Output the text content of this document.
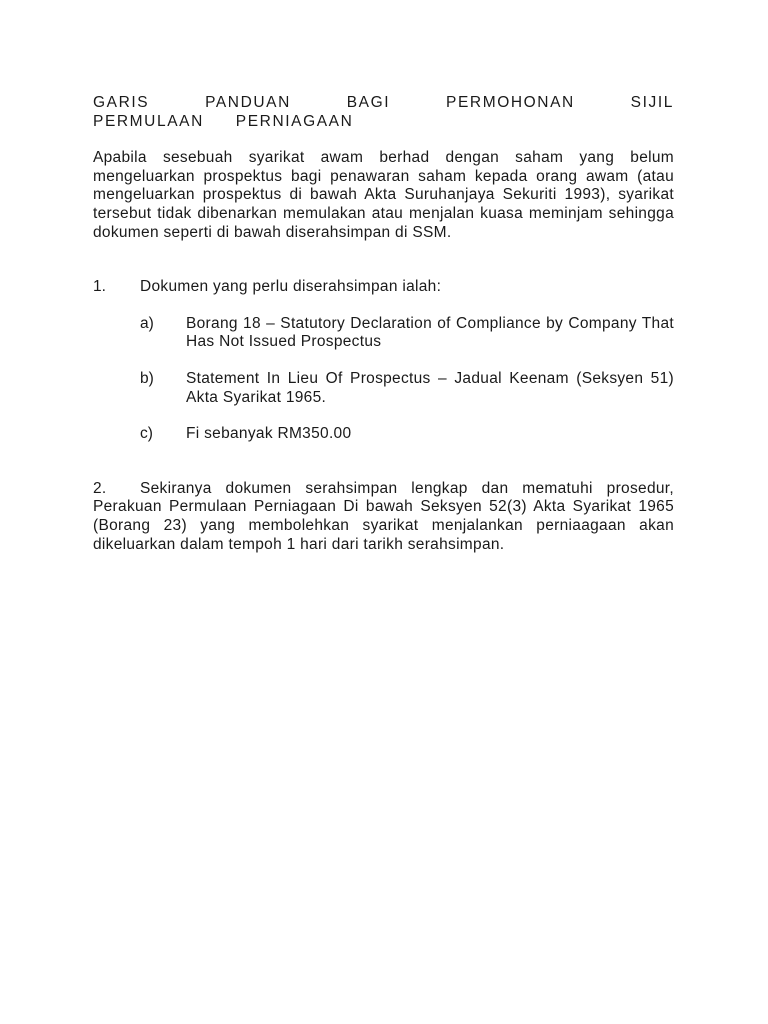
GARIS PANDUAN BAGI PERMOHONAN SIJIL PERMULAAN PERNIAGAAN

Apabila sesebuah syarikat awam berhad dengan saham yang belum mengeluarkan prospektus bagi penawaran saham kepada orang awam (atau mengeluarkan prospektus di bawah Akta Suruhanjaya Sekuriti 1993), syarikat tersebut tidak dibenarkan memulakan atau menjalan kuasa meminjam sehingga dokumen seperti di bawah diserahsimpan di SSM.

1.	Dokumen yang perlu diserahsimpan ialah:
a)	Borang 18 – Statutory Declaration of Compliance by Company That Has Not Issued Prospectus
b)	Statement In Lieu Of Prospectus – Jadual Keenam (Seksyen 51) Akta Syarikat 1965.
c)	Fi sebanyak RM350.00

2. Sekiranya dokumen serahsimpan lengkap dan mematuhi prosedur, Perakuan Permulaan Perniagaan Di bawah Seksyen 52(3) Akta Syarikat 1965 (Borang 23) yang membolehkan syarikat menjalankan perniaagaan akan dikeluarkan dalam tempoh 1 hari dari tarikh serahsimpan.
